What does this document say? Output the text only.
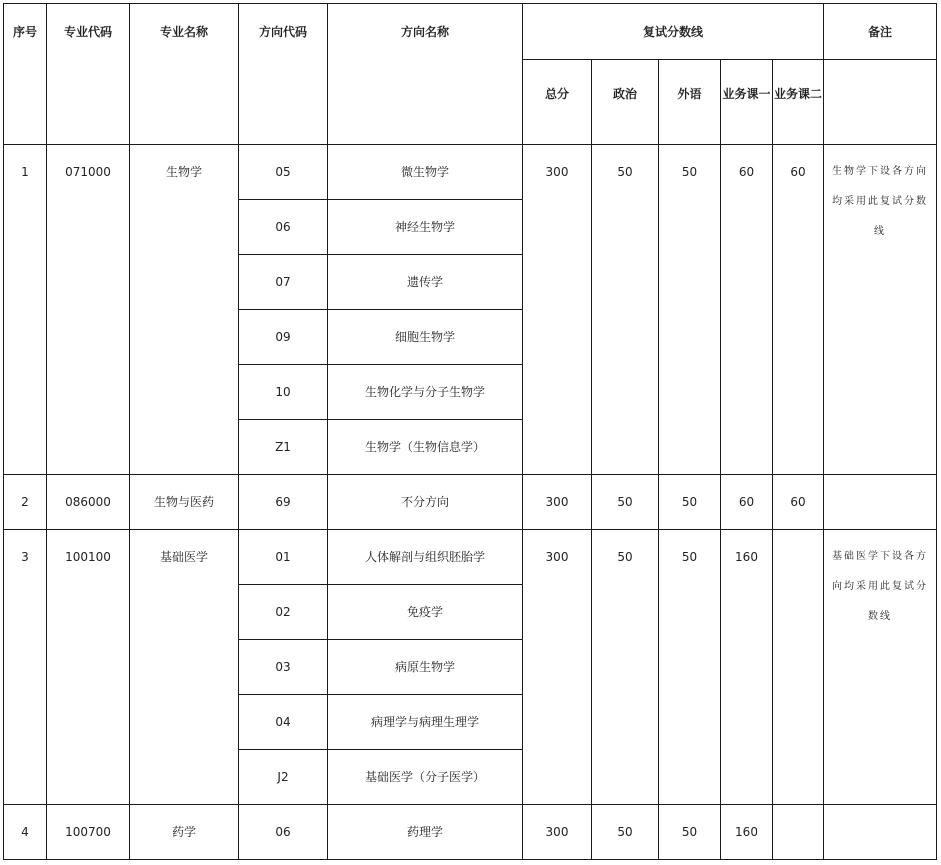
序号	专业代码	专业名称	方向代码	方向名称	复试分数线					备注

					总分	政治	外语	业务课一	业务课二	

1	071000	生物学	05	微生物学	300	50	50	60	60	生物学下设各方向均采用此复试分数线

			06	神经生物学						

			07	遗传学						

			09	细胞生物学						

			10	生物化学与分子生物学						

			Z1	生物学（生物信息学）						

2	086000	生物与医药	69	不分方向	300	50	50	60	60	

3	100100	基础医学	01	人体解剖与组织胚胎学	300	50	50	160		基础医学下设各方向均采用此复试分数线

			02	免疫学						

			03	病原生物学						

			04	病理学与病理生理学						

			J2	基础医学（分子医学）						

4	100700	药学	06	药理学	300	50	50	160		
